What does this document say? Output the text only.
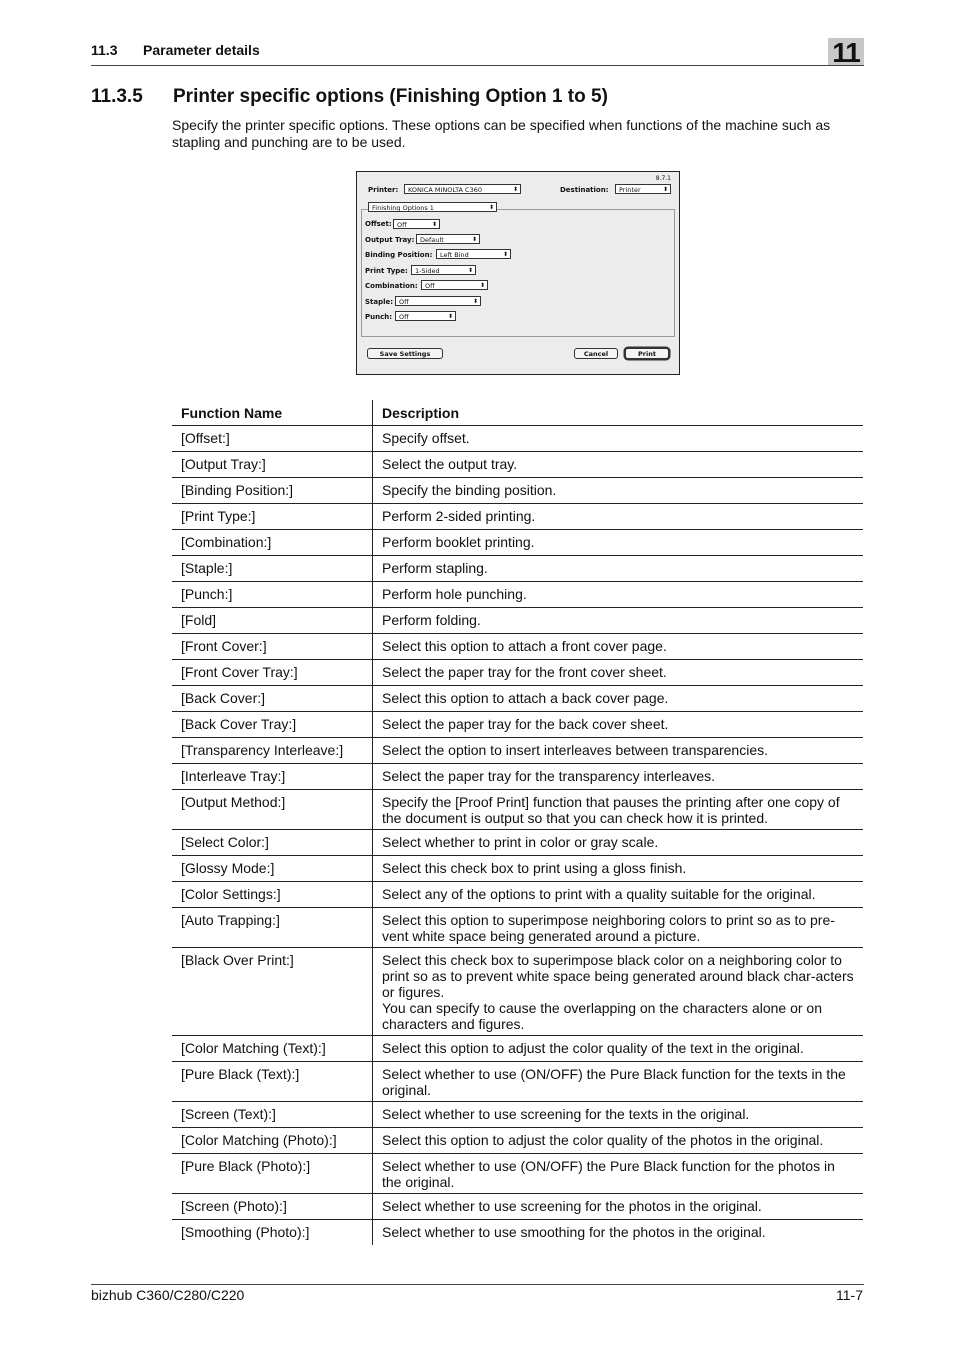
11.3 Parameter details	11
11.3.5 Printer specific options (Finishing Option 1 to 5)
Specify the printer specific options. These options can be specified when functions of the machine such as stapling and punching are to be used.
8.7.1
Printer:	KONICA MINOLTA C360	⬍	Destination:	Printer	⬍
Finishing Options 1	⬍
Offset: Off	⬍
Output Tray: Default	⬍
Binding Position:	Left Bind	⬍
Print Type:	1-Sided	⬍
Combination:	Off	⬍
Staple: Off	⬍
Punch:	Off	⬍
Save Settings	Cancel	Print
Function Name	Description
[Offset:]	Specify offset.
[Output Tray:]	Select the output tray.
[Binding Position:]	Specify the binding position.
[Print Type:]	Perform 2-sided printing.
[Combination:]	Perform booklet printing.
[Staple:]	Perform stapling.
[Punch:]	Perform hole punching.
[Fold]	Perform folding.
[Front Cover:]	Select this option to attach a front cover page.
[Front Cover Tray:]	Select the paper tray for the front cover sheet.
[Back Cover:]	Select this option to attach a back cover page.
[Back Cover Tray:]	Select the paper tray for the back cover sheet.
[Transparency Interleave:]	Select the option to insert interleaves between transparencies.
[Interleave Tray:]	Select the paper tray for the transparency interleaves.
[Output Method:]	Specify the [Proof Print] function that pauses the printing after one copy of the document is output so that you can check how it is printed.
[Select Color:]	Select whether to print in color or gray scale.
[Glossy Mode:]	Select this check box to print using a gloss finish.
[Color Settings:]	Select any of the options to print with a quality suitable for the original.
[Auto Trapping:]	Select this option to superimpose neighboring colors to print so as to pre-vent white space being generated around a picture.
[Black Over Print:]	Select this check box to superimpose black color on a neighboring color to print so as to prevent white space being generated around black char-acters or figures.
You can specify to cause the overlapping on the characters alone or on characters and figures.
[Color Matching (Text):]	Select this option to adjust the color quality of the text in the original.
[Pure Black (Text):]	Select whether to use (ON/OFF) the Pure Black function for the texts in the original.
[Screen (Text):]	Select whether to use screening for the texts in the original.
[Color Matching (Photo):]	Select this option to adjust the color quality of the photos in the original.
[Pure Black (Photo):]	Select whether to use (ON/OFF) the Pure Black function for the photos in the original.
[Screen (Photo):]	Select whether to use screening for the photos in the original.
[Smoothing (Photo):]	Select whether to use smoothing for the photos in the original.
bizhub C360/C280/C220	11-7
